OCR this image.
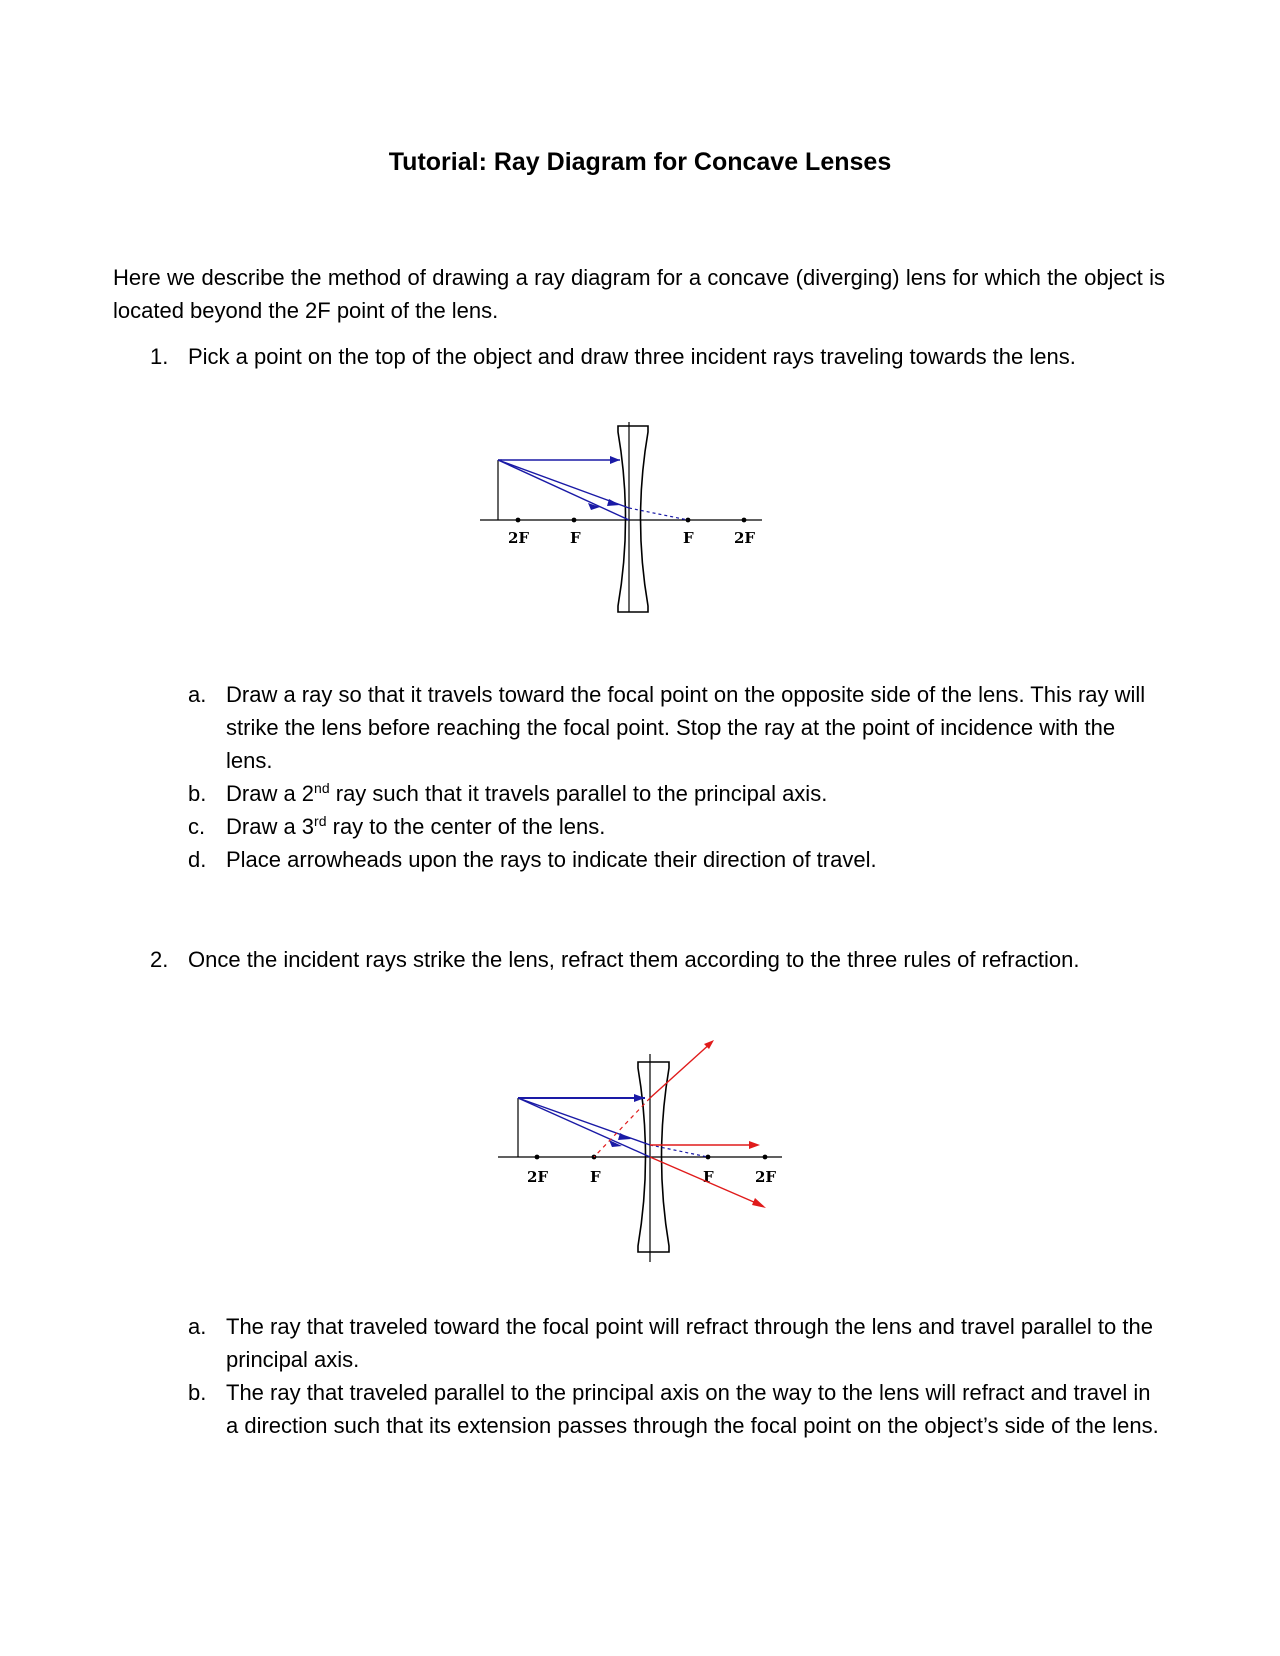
Tutorial: Ray Diagram for Concave Lenses

Here we describe the method of drawing a ray diagram for a concave (diverging) lens for which the object is located beyond the 2F point of the lens.

1. Pick a point on the top of the object and draw three incident rays traveling towards the lens.
2F	F	F	2F
a. Draw a ray so that it travels toward the focal point on the opposite side of the lens. This ray will strike the lens before reaching the focal point. Stop the ray at the point of incidence with the lens.
b. Draw a 2nd ray such that it travels parallel to the principal axis.
c. Draw a 3rd ray to the center of the lens.
d. Place arrowheads upon the rays to indicate their direction of travel.
2. Once the incident rays strike the lens, refract them according to the three rules of refraction.
2F	F	F	2F
a. The ray that traveled toward the focal point will refract through the lens and travel parallel to the principal axis.
b. The ray that traveled parallel to the principal axis on the way to the lens will refract and travel in a direction such that its extension passes through the focal point on the object’s side of the lens.
